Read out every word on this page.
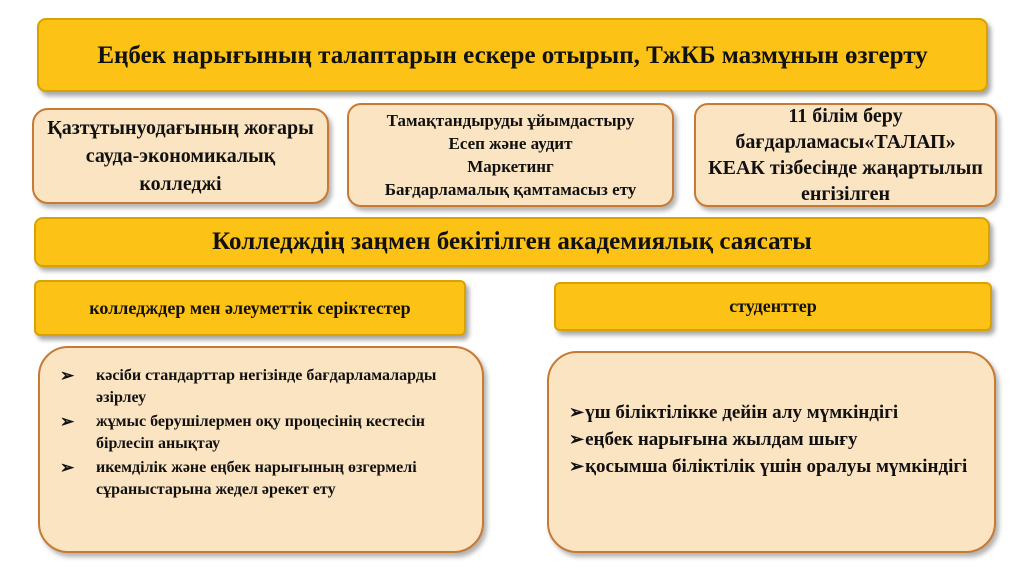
Еңбек нарығының талаптарын ескере отырып, ТжКБ мазмұнын өзгерту
Қазтұтынуодағының жоғары сауда-экономикалық колледжі
Тамақтандыруды ұйымдастыру
Есеп және аудит
Маркетинг
Бағдарламалық қамтамасыз ету
11 білім беру бағдарламасы«ТАЛАП» КЕАК тізбесінде жаңартылып енгізілген
Колледждің заңмен бекітілген академиялық саясаты
колледждер мен әлеуметтік серіктестер	студенттер
➢ кәсіби стандарттар негізінде бағдарламаларды әзірлеу
➢ жұмыс берушілермен оқу процесінің кестесін бірлесіп анықтау
➢ икемділік және еңбек нарығының өзгермелі сұраныстарына жедел әрекет ету
➢үш біліктілікке дейін алу мүмкіндігі
➢еңбек нарығына жылдам шығу
➢қосымша біліктілік үшін оралуы мүмкіндігі
